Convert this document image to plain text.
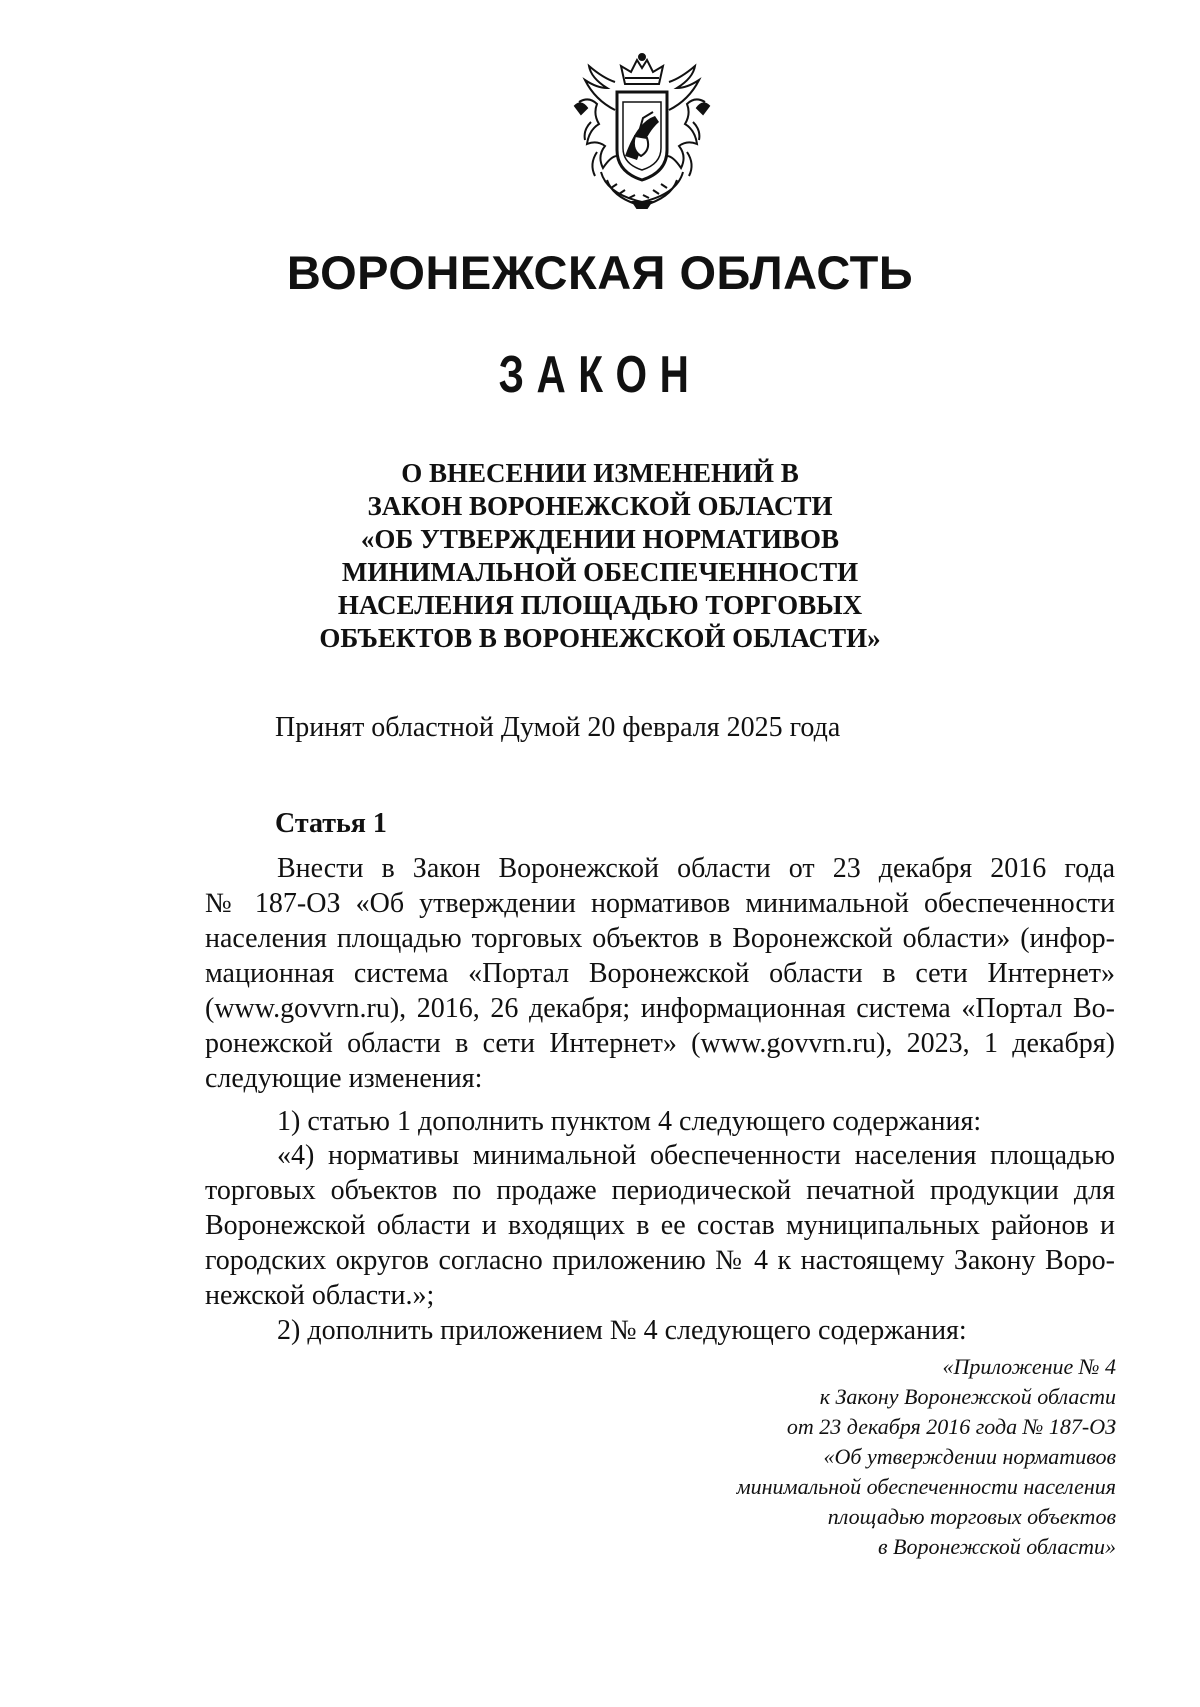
ВОРОНЕЖСКАЯ ОБЛАСТЬ
ЗАКОН
О ВНЕСЕНИИ ИЗМЕНЕНИЙ В
ЗАКОН ВОРОНЕЖСКОЙ ОБЛАСТИ
«ОБ УТВЕРЖДЕНИИ НОРМАТИВОВ
МИНИМАЛЬНОЙ ОБЕСПЕЧЕННОСТИ
НАСЕЛЕНИЯ ПЛОЩАДЬЮ ТОРГОВЫХ
ОБЪЕКТОВ В ВОРОНЕЖСКОЙ ОБЛАСТИ»
Принят областной Думой 20 февраля 2025 года
Статья 1
Внести в Закон Воронежской области от 23 декабря 2016 года
№ 187-ОЗ «Об утверждении нормативов минимальной обеспеченности
населения площадью торговых объектов в Воронежской области» (инфор-
мационная система «Портал Воронежской области в сети Интернет»
(www.govvrn.ru), 2016, 26 декабря; информационная система «Портал Во-
ронежской области в сети Интернет» (www.govvrn.ru), 2023, 1 декабря)
следующие изменения:
1) статью 1 дополнить пунктом 4 следующего содержания:
«4) нормативы минимальной обеспеченности населения площадью
торговых объектов по продаже периодической печатной продукции для
Воронежской области и входящих в ее состав муниципальных районов и
городских округов согласно приложению № 4 к настоящему Закону Воро-
нежской области.»;
2) дополнить приложением № 4 следующего содержания:
«Приложение № 4
к Закону Воронежской области
от 23 декабря 2016 года № 187-ОЗ
«Об утверждении нормативов
минимальной обеспеченности населения
площадью торговых объектов
в Воронежской области»
